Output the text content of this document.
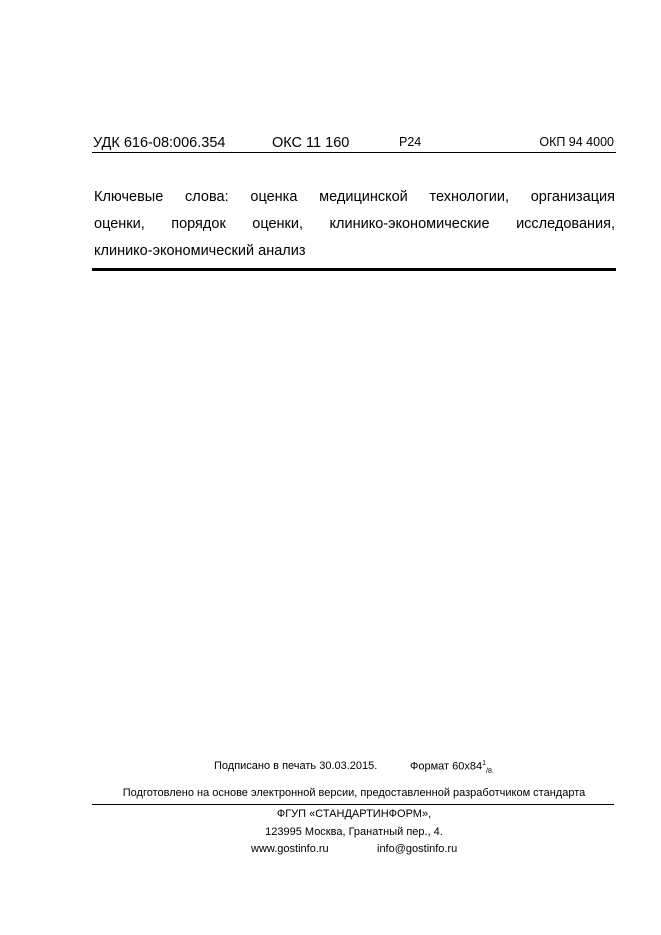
УДК 616-08:006.354	ОКС 11 160	Р24	ОКП 94 4000
Ключевые слова: оценка медицинской технологии, организация
оценки, порядок оценки, клинико-экономические исследования,
клинико-экономический анализ
Подписано в печать 30.03.2015.	Формат $60х84^1_{/8.}$
Подготовлено на основе электронной версии, предоставленной разработчиком стандарта
ФГУП «СТАНДАРТИНФОРМ»,
123995 Москва, Гранатный пер., 4.
www.gostinfo.ru	info@gostinfo.ru
